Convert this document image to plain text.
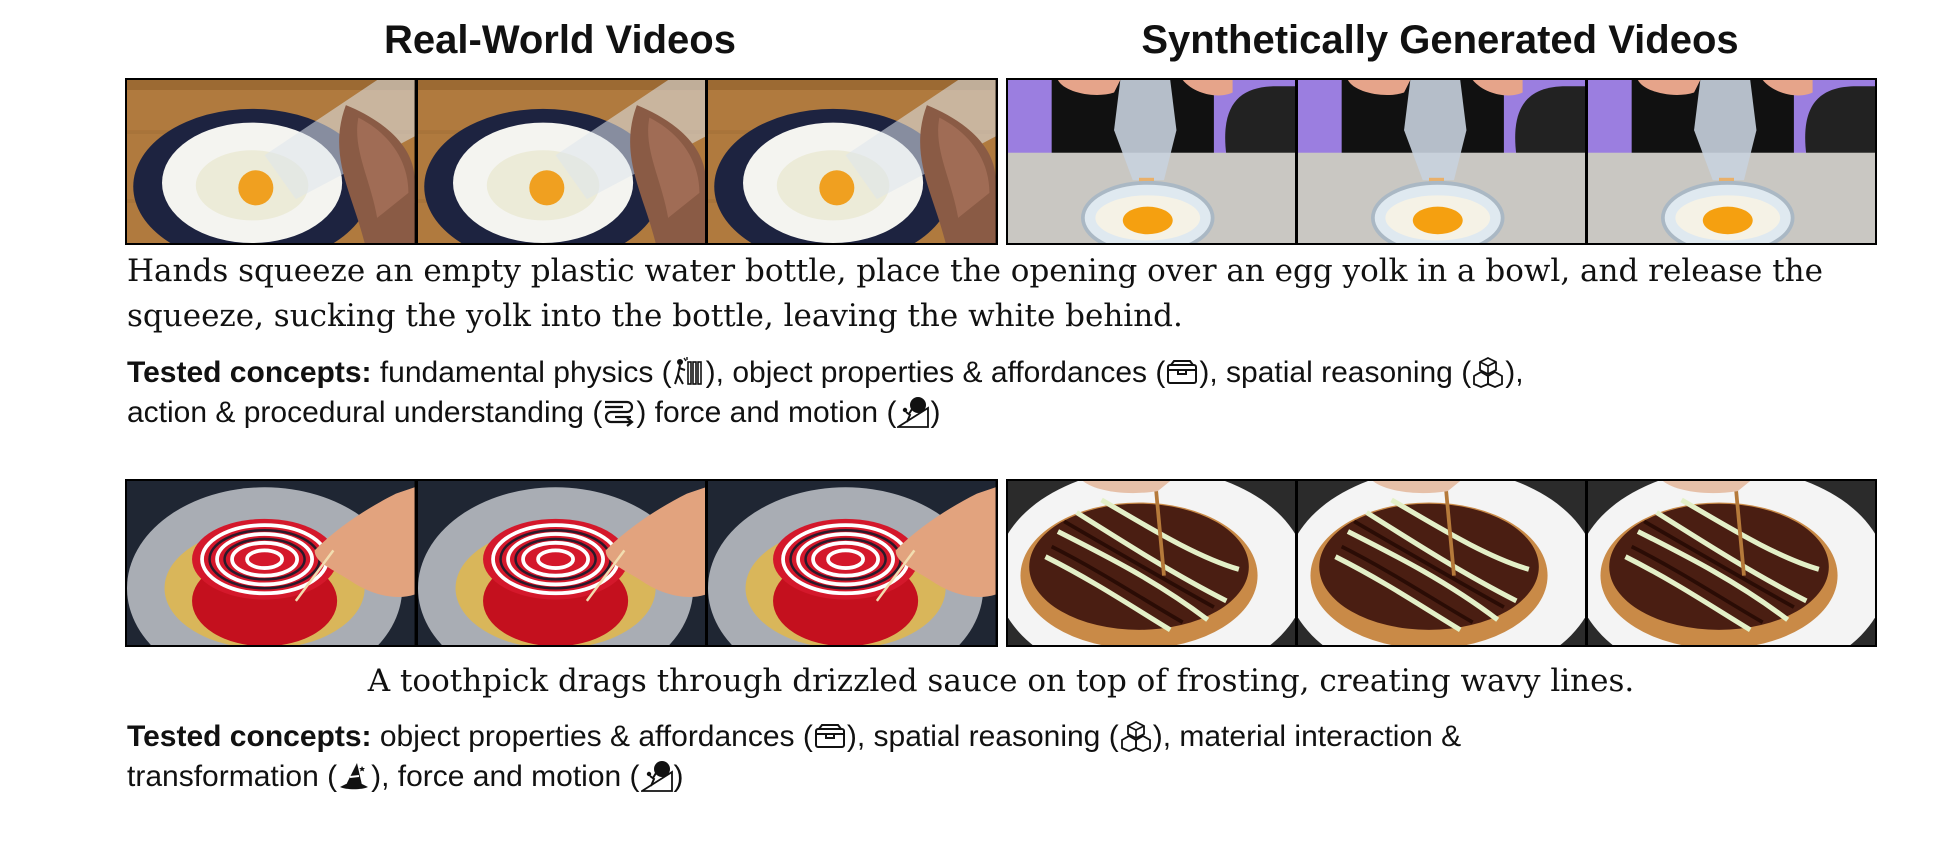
Real-World Videos	Synthetically Generated Videos
Hands squeeze an empty plastic water bottle, place the opening over an egg yolk in a bowl, and release the squeeze, sucking the yolk into the bottle, leaving the white behind.
Tested concepts: fundamental physics ( ), object properties & affordances ( ), spatial reasoning ( ),
action & procedural understanding ( ) force and motion ( )
A toothpick drags through drizzled sauce on top of frosting, creating wavy lines.
Tested concepts: object properties & affordances ( ), spatial reasoning ( ), material interaction &
transformation ( ), force and motion ( )
